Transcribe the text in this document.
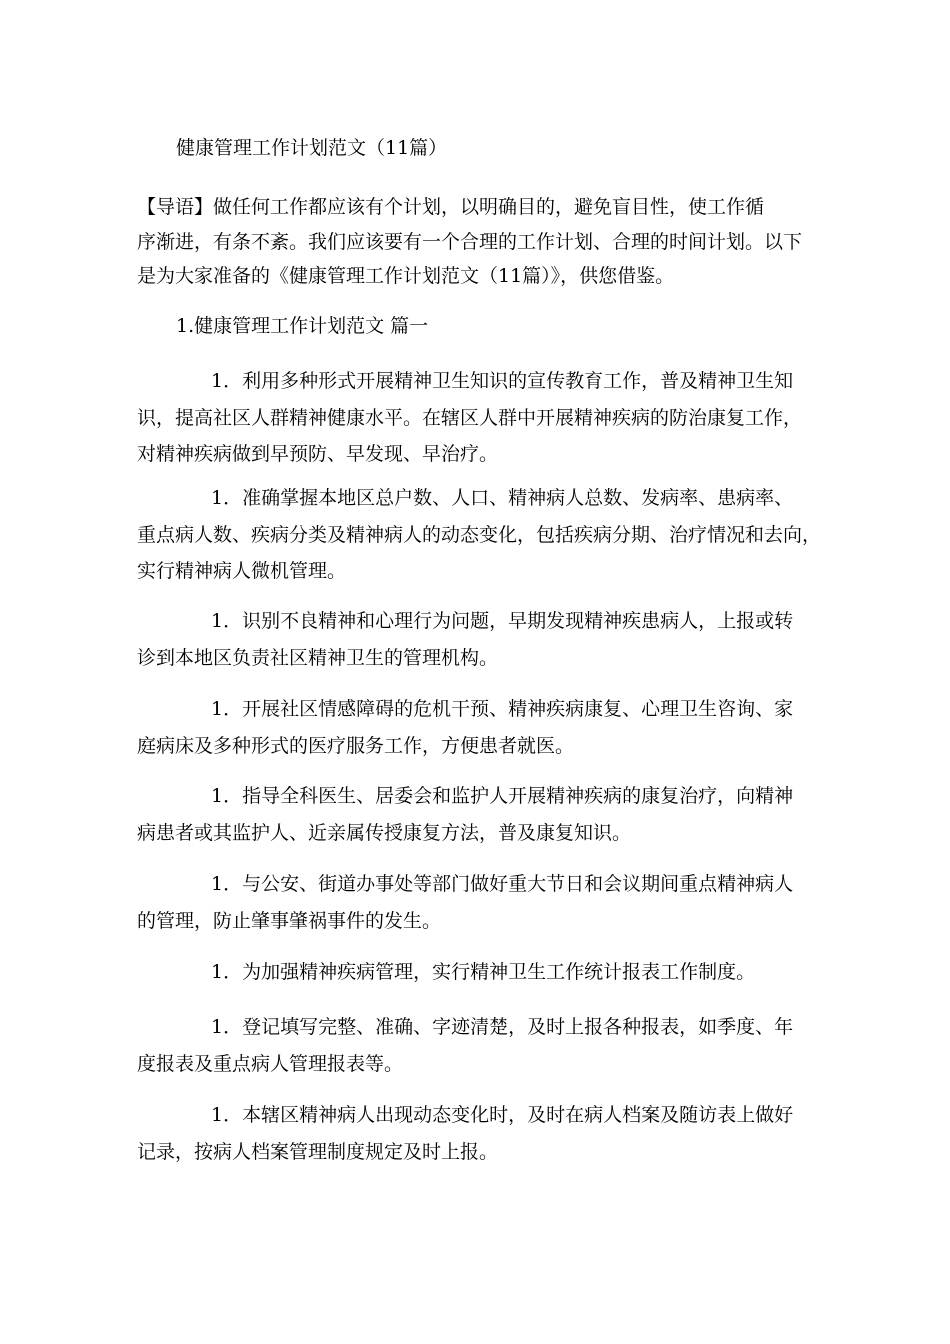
健康管理工作计划范文（11篇）
【导语】做任何工作都应该有个计划，以明确目的，避免盲目性，使工作循
序渐进，有条不紊。我们应该要有一个合理的工作计划、合理的时间计划。以下
是为大家准备的《健康管理工作计划范文（11篇）》，供您借鉴。
1.健康管理工作计划范文 篇一
1．利用多种形式开展精神卫生知识的宣传教育工作，普及精神卫生知
识，提高社区人群精神健康水平。在辖区人群中开展精神疾病的防治康复工作，
对精神疾病做到早预防、早发现、早治疗。
1．准确掌握本地区总户数、人口、精神病人总数、发病率、患病率、
重点病人数、疾病分类及精神病人的动态变化，包括疾病分期、治疗情况和去向，
实行精神病人微机管理。
1．识别不良精神和心理行为问题，早期发现精神疾患病人，上报或转
诊到本地区负责社区精神卫生的管理机构。
1．开展社区情感障碍的危机干预、精神疾病康复、心理卫生咨询、家
庭病床及多种形式的医疗服务工作，方便患者就医。
1．指导全科医生、居委会和监护人开展精神疾病的康复治疗，向精神
病患者或其监护人、近亲属传授康复方法，普及康复知识。
1．与公安、街道办事处等部门做好重大节日和会议期间重点精神病人
的管理，防止肇事肇祸事件的发生。
1．为加强精神疾病管理，实行精神卫生工作统计报表工作制度。
1．登记填写完整、准确、字迹清楚，及时上报各种报表，如季度、年
度报表及重点病人管理报表等。
1．本辖区精神病人出现动态变化时，及时在病人档案及随访表上做好
记录，按病人档案管理制度规定及时上报。
